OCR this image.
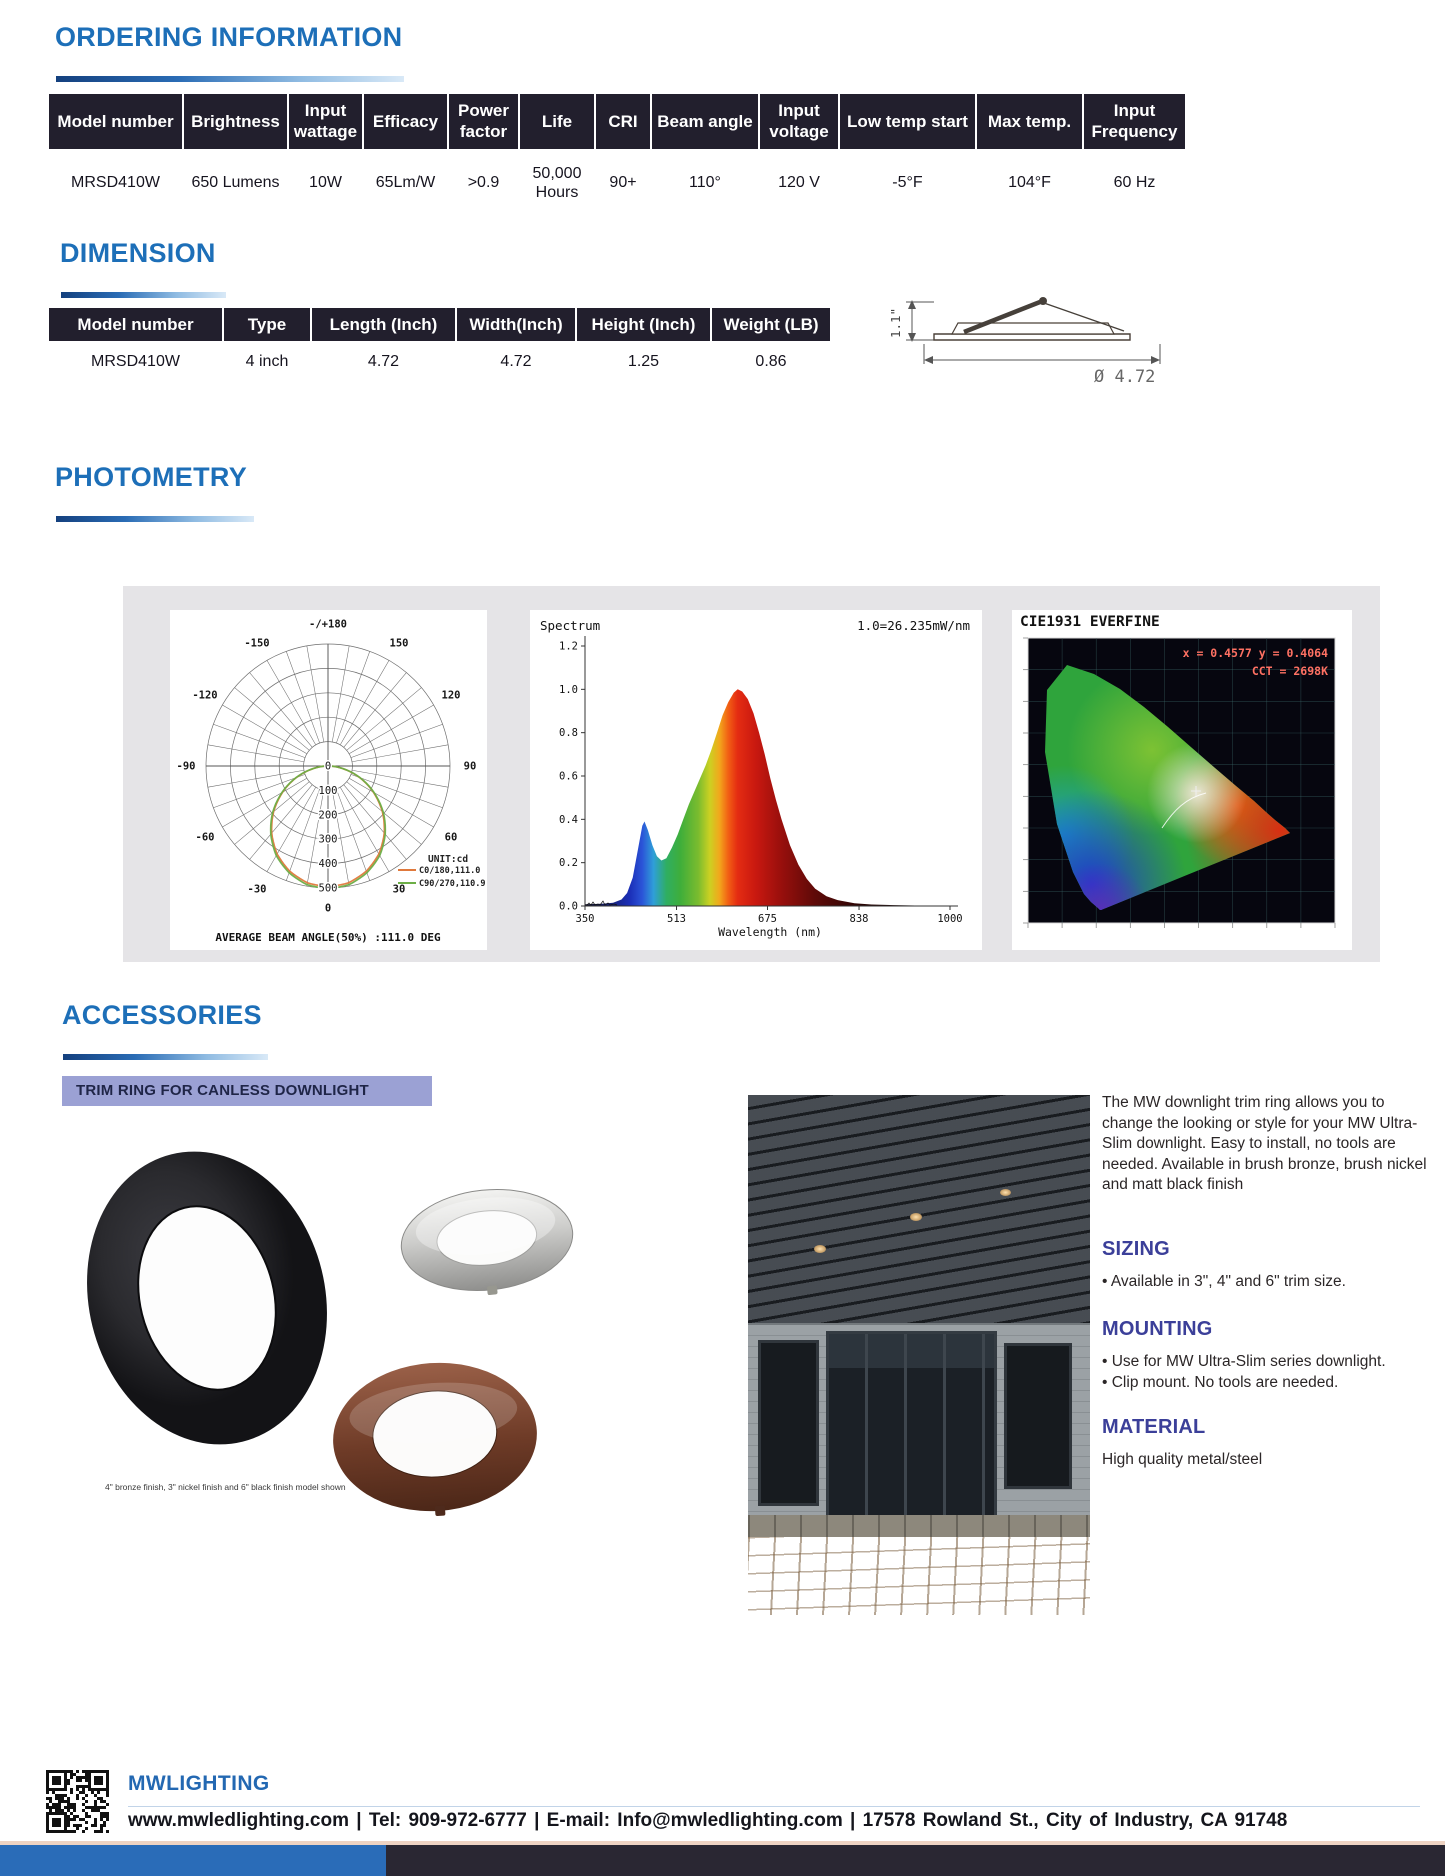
ORDERING INFORMATION
Model number	Brightness	Input wattage	Efficacy	Power factor	Life	CRI	Beam angle	Input voltage	Low temp start	Max temp.	Input Frequency
MRSD410W	650 Lumens	10W	65Lm/W	>0.9	50,000 Hours	90+	110°	120 V	-5°F	104°F	60 Hz
DIMENSION
Model number	Type	Length (Inch)	Width(Inch)	Height (Inch)	Weight (LB)
MRSD410W	4 inch	4.72	4.72	1.25	0.86
1.1"
Ø 4.72
PHOTOMETRY
-/+180
-150	150
-120	120
-90	90
-60	60
-30	30
0
0
100
200
300
400
500
UNIT:cd
C0/180,111.0
C90/270,110.9
AVERAGE BEAM ANGLE(50%) :111.0 DEG
Spectrum	1.0=26.235mW/nm
0.0
0.2
0.4
0.6
0.8
1.0
1.2
350	513	675	838	1000
Wavelength (nm)
CIE1931 EVERFINE
x = 0.4577 y = 0.4064
CCT = 2698K
ACCESSORIES
TRIM RING FOR CANLESS DOWNLIGHT
4" bronze finish, 3" nickel finish and 6" black finish model shown
The MW downlight trim ring allows you to change the looking or style for your MW Ultra-Slim downlight. Easy to install, no tools are needed. Available in brush bronze, brush nickel and matt black finish
SIZING
• Available in 3", 4" and 6" trim size.
MOUNTING
• Use for MW Ultra-Slim series downlight.
• Clip mount. No tools are needed.
MATERIAL
High quality metal/steel
MWLIGHTING
www.mwledlighting.com | Tel: 909-972-6777 | E-mail: Info@mwledlighting.com | 17578 Rowland St., City of Industry, CA 91748
